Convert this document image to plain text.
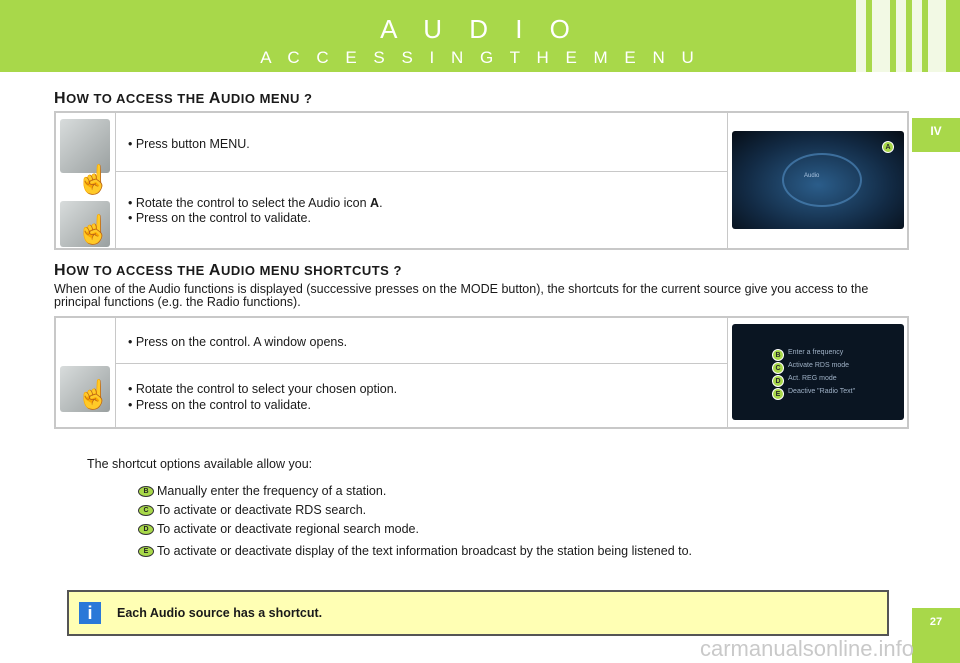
A U D I O
A C C E S S I N G T H E M E N U
IV
27
HOW TO ACCESS THE AUDIO MENU ?
☝
☝
• Press button MENU.
• Rotate the control to select the Audio icon A.
• Press on the control to validate.
Audio
A
HOW TO ACCESS THE AUDIO MENU SHORTCUTS ?
When one of the Audio functions is displayed (successive presses on the MODE button), the shortcuts for the current source give you access to the principal functions (e.g. the Radio functions).
☝
• Press on the control. A window opens.
• Rotate the control to select your chosen option.
• Press on the control to validate.
Enter a frequency
Activate RDS mode
Act. REG mode
Deactive "Radio Text"
B
C
D
E
The shortcut options available allow you:
B Manually enter the frequency of a station.
C To activate or deactivate RDS search.
D To activate or deactivate regional search mode.
E To activate or deactivate display of the text information broadcast by the station being listened to.
i	Each Audio source has a shortcut.
carmanualsonline.info
